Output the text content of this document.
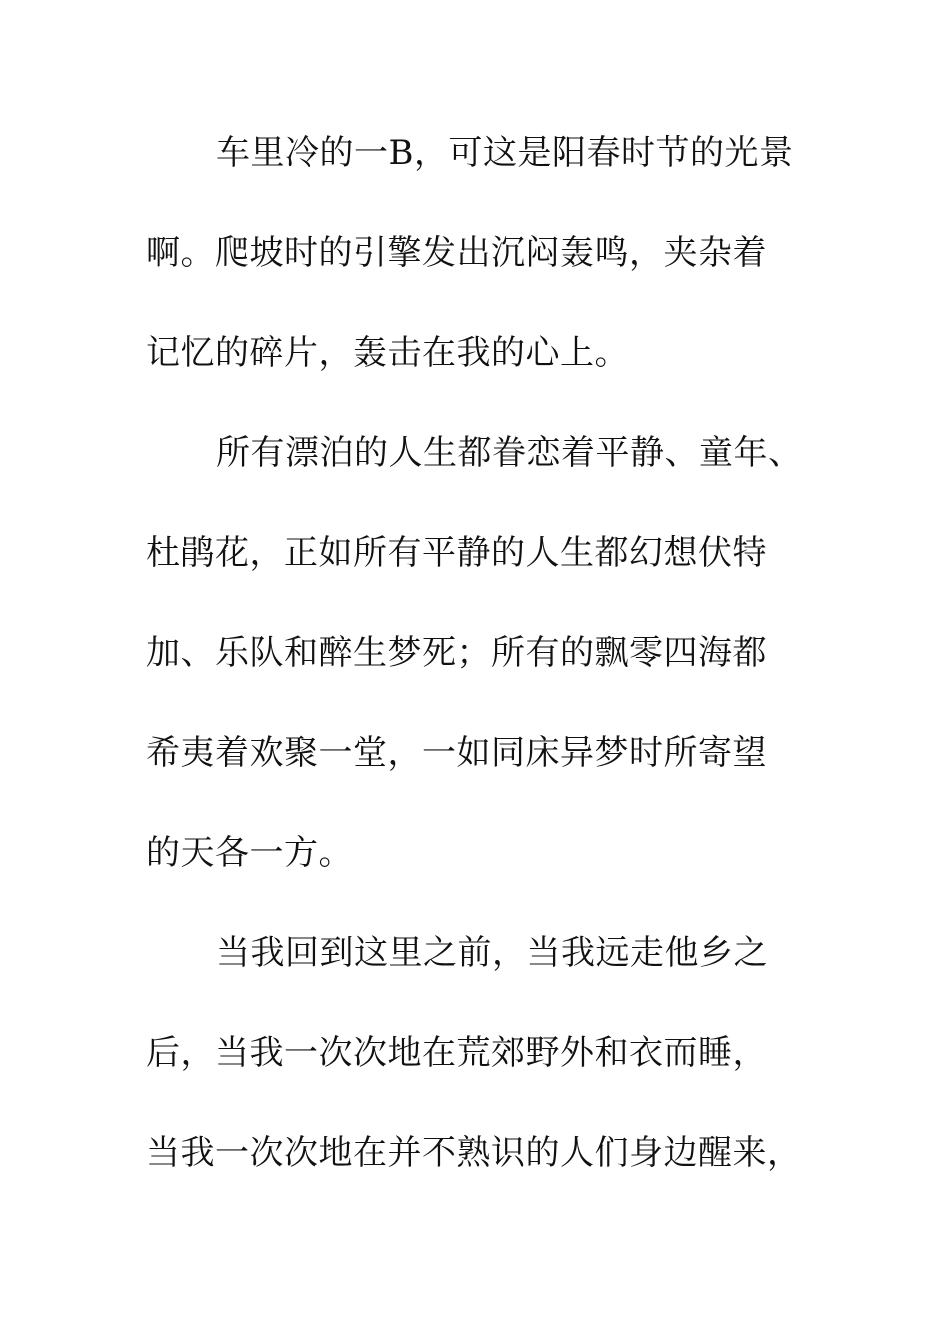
车里冷的一B，可这是阳春时节的光景
啊。爬坡时的引擎发出沉闷轰鸣，夹杂着
记忆的碎片，轰击在我的心上。
所有漂泊的人生都眷恋着平静、童年、
杜鹃花，正如所有平静的人生都幻想伏特
加、乐队和醉生梦死；所有的飘零四海都
希夷着欢聚一堂，一如同床异梦时所寄望
的天各一方。
当我回到这里之前，当我远走他乡之
后，当我一次次地在荒郊野外和衣而睡，
当我一次次地在并不熟识的人们身边醒来，
